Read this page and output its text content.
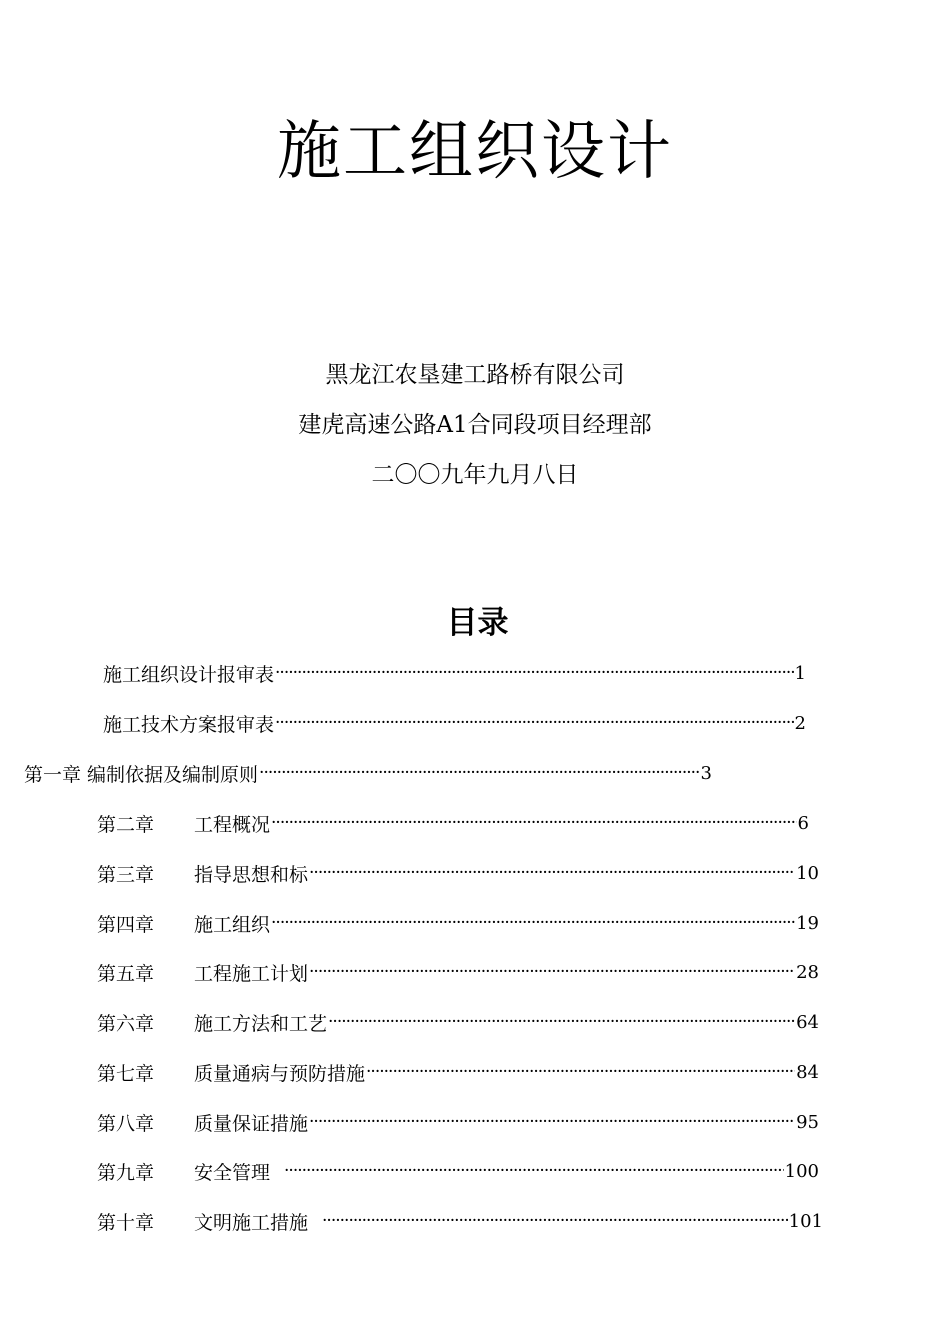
施工组织设计

黑龙江农垦建工路桥有限公司

建虎高速公路A1合同段项目经理部

二〇〇九年九月八日

目录
施工组织设计报审表 ·····	1
施工技术方案报审表 ·····	2
第一章 编制依据及编制原则 ·····	3
第二章	工程概况 ·····	6
第三章	指导思想和标 ·····	10
第四章	施工组织 ·····	19
第五章	工程施工计划 ·····	28
第六章	施工方法和工艺 ·····	64
第七章	质量通病与预防措施 ·····	84
第八章	质量保证措施 ·····	95
第九章	安全管理 ·····	100
第十章	文明施工措施 ·····	101
